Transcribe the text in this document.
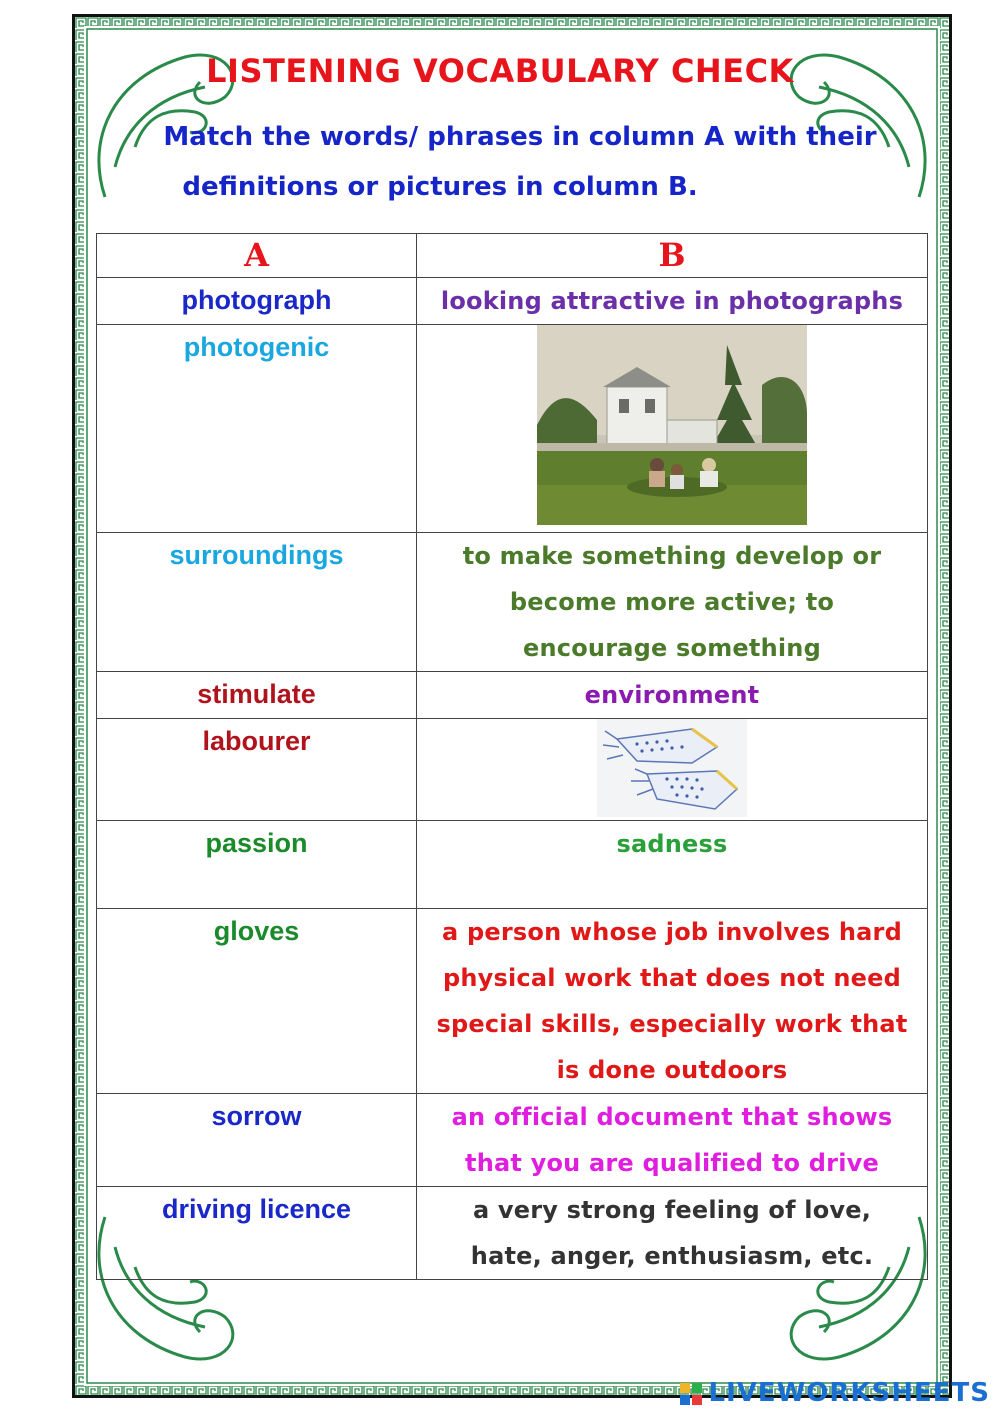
LISTENING VOCABULARY CHECK
Match the words/ phrases in column A with their
definitions or pictures in column B.
A	B
photograph	looking attractive in photographs
photogenic	

surroundings	to make something develop or become more active; to encourage something
stimulate	environment
labourer	

passion	sadness
gloves	a person whose job involves hard physical work that does not need special skills, especially work that is done outdoors
sorrow	an official document that shows that you are qualified to drive
driving licence	a very strong feeling of love, hate, anger, enthusiasm, etc.
LIVEWORKSHEETS
